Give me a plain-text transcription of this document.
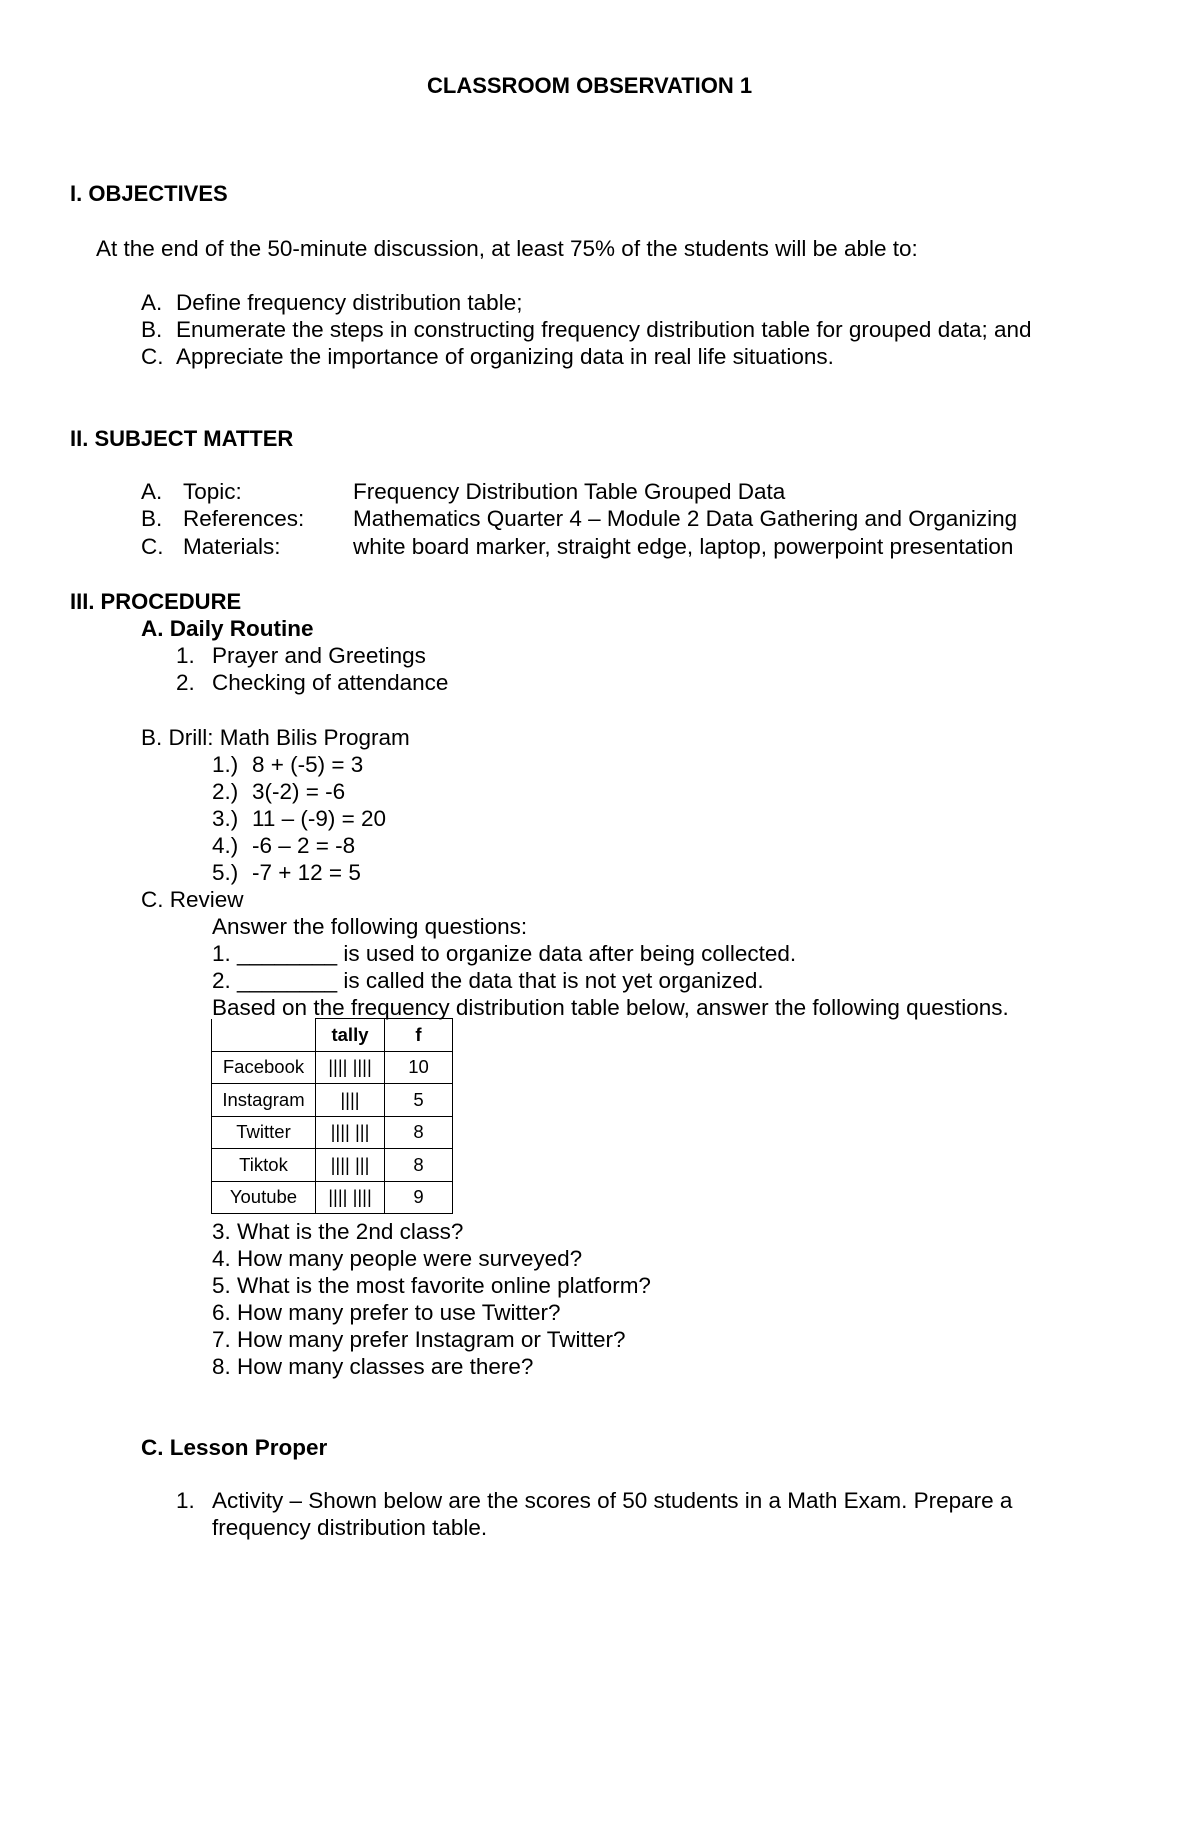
CLASSROOM OBSERVATION 1
I. OBJECTIVES
At the end of the 50-minute discussion, at least 75% of the students will be able to:
A. Define frequency distribution table;
B. Enumerate the steps in constructing frequency distribution table for grouped data; and
C. Appreciate the importance of organizing data in real life situations.
II. SUBJECT MATTER
A. Topic:	Frequency Distribution Table Grouped Data
B. References: Mathematics Quarter 4 – Module 2 Data Gathering and Organizing
C. Materials:	white board marker, straight edge, laptop, powerpoint presentation
III. PROCEDURE
A. Daily Routine
1. Prayer and Greetings
2. Checking of attendance
B. Drill: Math Bilis Program
1.) 8 + (-5) = 3
2.) 3(-2) = -6
3.) 11 – (-9) = 20
4.) -6 – 2 = -8
5.) -7 + 12 = 5
C. Review
Answer the following questions:
1. ________ is used to organize data after being collected.
2. ________ is called the data that is not yet organized.
Based on the frequency distribution table below, answer the following questions.
	tally	f
Facebook	|||| ||||	10
Instagram	||||	5
Twitter	|||| |||	8
Tiktok	|||| |||	8
Youtube	|||| ||||	9
3. What is the 2nd class?
4. How many people were surveyed?
5. What is the most favorite online platform?
6. How many prefer to use Twitter?
7. How many prefer Instagram or Twitter?
8. How many classes are there?
C. Lesson Proper
1. Activity – Shown below are the scores of 50 students in a Math Exam. Prepare a
frequency distribution table.
